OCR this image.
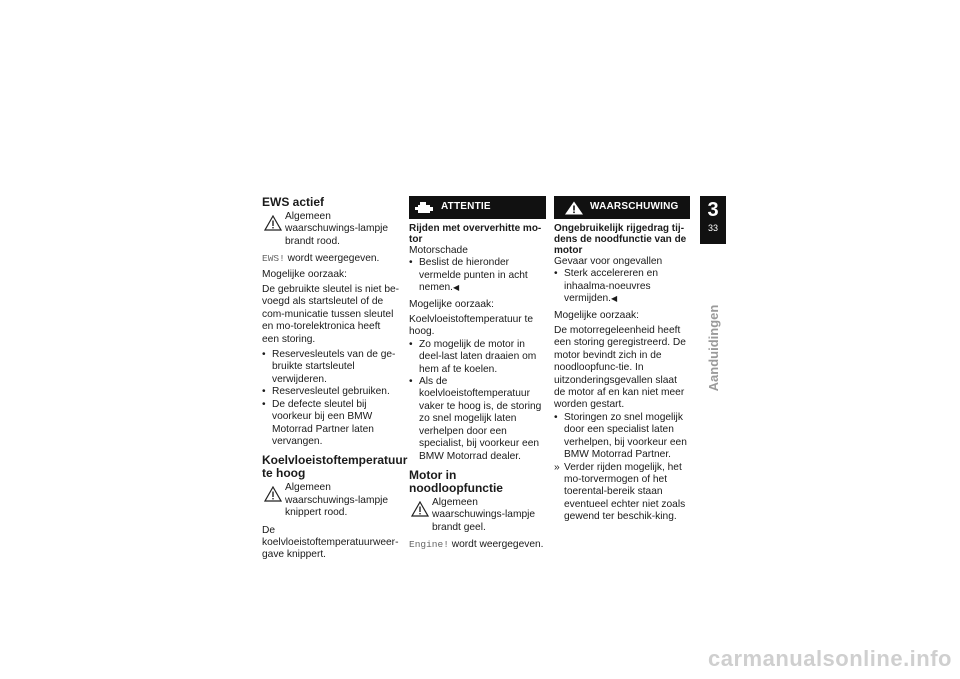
EWS actief
Algemeen waarschuwings-lampje brandt rood.

EWS! wordt weergegeven.

Mogelijke oorzaak:

De gebruikte sleutel is niet be-voegd als startsleutel of de com-municatie tussen sleutel en mo-torelektronica heeft een storing.

• Reservesleutels van de ge-bruikte startsleutel verwijderen.
• Reservesleutel gebruiken.
• De defecte sleutel bij voorkeur bij een BMW Motorrad Partner laten vervangen.
Koelvloeistoftemperatuur te hoog
Algemeen waarschuwings-lampje knippert rood.

De koelvloeistoftemperatuurweer-gave knippert.

ATTENTIE
Rijden met oververhitte mo-tor

Motorschade

• Beslist de hieronder vermelde punten in acht nemen.◀

Mogelijke oorzaak:

Koelvloeistoftemperatuur te hoog.

• Zo mogelijk de motor in deel-last laten draaien om hem af te koelen.
• Als de koelvloeistoftemperatuur vaker te hoog is, de storing zo snel mogelijk laten verhelpen door een specialist, bij voorkeur een BMW Motorrad dealer.
Motor in noodloopfunctie
Algemeen waarschuwings-lampje brandt geel.

Engine! wordt weergegeven.

WAARSCHUWING
Ongebruikelijk rijgedrag tij-dens de noodfunctie van de motor

Gevaar voor ongevallen

• Sterk accelereren en inhaalma-noeuvres vermijden.◀

Mogelijke oorzaak:

De motorregeleenheid heeft een storing geregistreerd. De motor bevindt zich in de noodloopfunc-tie. In uitzonderingsgevallen slaat de motor af en kan niet meer worden gestart.

• Storingen zo snel mogelijk door een specialist laten verhelpen, bij voorkeur een BMW Motorrad Partner.
» Verder rijden mogelijk, het mo-torvermogen of het toerental-bereik staan eventueel echter niet zoals gewend ter beschik-king.
3
33
Aanduidingen
carmanualsonline.info
